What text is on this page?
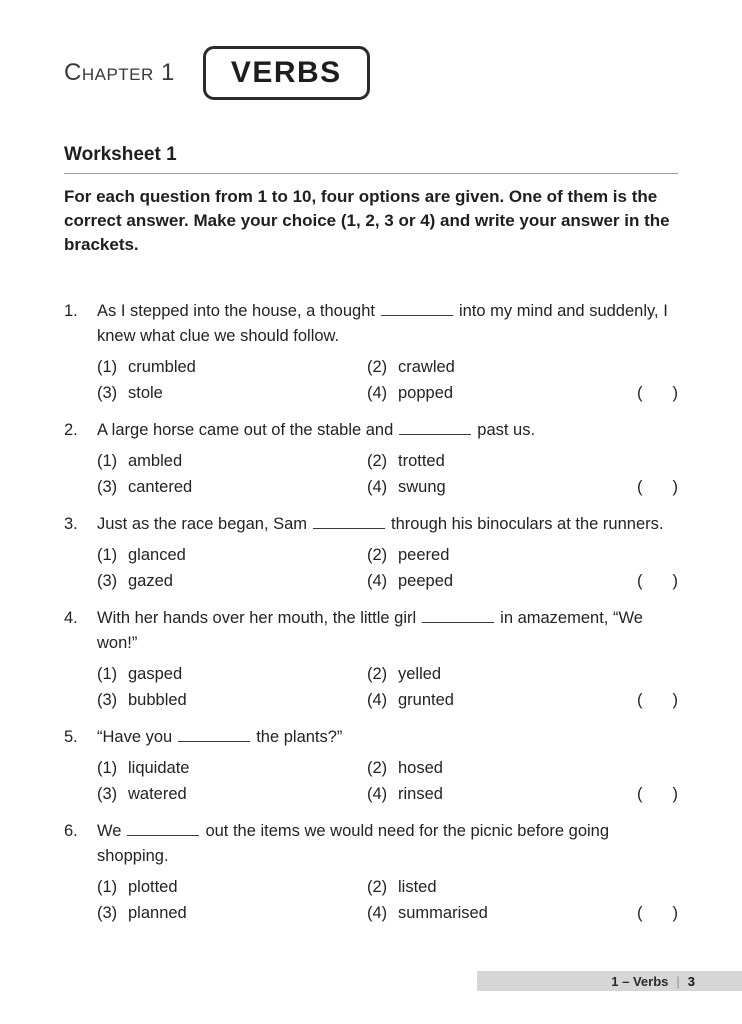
Chapter 1	VERBS
Worksheet 1

For each question from 1 to 10, four options are given. One of them is the correct answer. Make your choice (1, 2, 3 or 4) and write your answer in the brackets.

1.	As I stepped into the house, a thought	into my mind and suddenly, I knew what clue we should follow.

(1) crumbled	(2) crawled
(3) stole	(4) popped	( )
2.	A large horse came out of the stable and	past us.

(1) ambled	(2) trotted
(3) cantered	(4) swung	( )
3.	Just as the race began, Sam	through his binoculars at the runners.

(1) glanced	(2) peered
(3) gazed	(4) peeped	( )
4.	With her hands over her mouth, the little girl	in amazement, “We won!”

(1) gasped	(2) yelled
(3) bubbled	(4) grunted	( )
5.	“Have you	the plants?”

(1) liquidate	(2) hosed
(3) watered	(4) rinsed	( )
6.	We	out the items we would need for the picnic before going shopping.

(1) plotted	(2) listed
(3) planned	(4) summarised	( )
1 – Verbs | 3
